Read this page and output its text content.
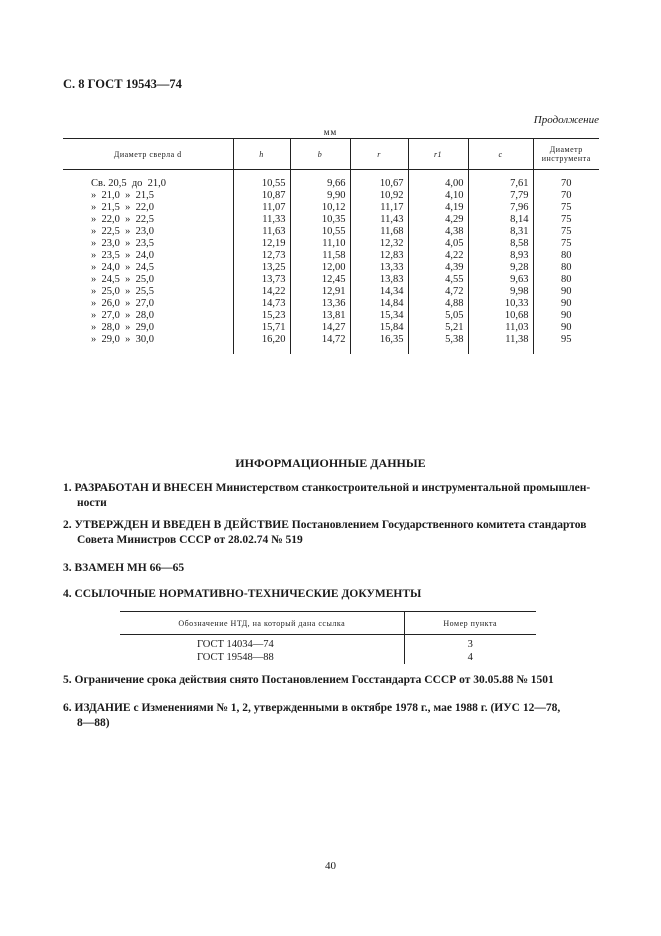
С. 8 ГОСТ 19543—74
Продолжение
мм
Диаметр сверла d	h	b	r	r1	c	Диаметр инструмента
Св. 20,5  до  21,0	10,55	9,66	10,67	4,00	7,61	70
»  21,0  »  21,5	10,87	9,90	10,92	4,10	7,79	70
»  21,5  »  22,0	11,07	10,12	11,17	4,19	7,96	75
»  22,0  »  22,5	11,33	10,35	11,43	4,29	8,14	75
»  22,5  »  23,0	11,63	10,55	11,68	4,38	8,31	75
»  23,0  »  23,5	12,19	11,10	12,32	4,05	8,58	75
»  23,5  »  24,0	12,73	11,58	12,83	4,22	8,93	80
»  24,0  »  24,5	13,25	12,00	13,33	4,39	9,28	80
»  24,5  »  25,0	13,73	12,45	13,83	4,55	9,63	80
»  25,0  »  25,5	14,22	12,91	14,34	4,72	9,98	90
»  26,0  »  27,0	14,73	13,36	14,84	4,88	10,33	90
»  27,0  »  28,0	15,23	13,81	15,34	5,05	10,68	90
»  28,0  »  29,0	15,71	14,27	15,84	5,21	11,03	90
»  29,0  »  30,0	16,20	14,72	16,35	5,38	11,38	95
ИНФОРМАЦИОННЫЕ ДАННЫЕ
1. РАЗРАБОТАН И ВНЕСЕН Министерством станкостроительной и инструментальной промышлен-
ности
2. УТВЕРЖДЕН И ВВЕДЕН В ДЕЙСТВИЕ Постановлением Государственного комитета стандартов
Совета Министров СССР от 28.02.74 № 519
3. ВЗАМЕН МН 66—65
4. ССЫЛОЧНЫЕ НОРМАТИВНО-ТЕХНИЧЕСКИЕ ДОКУМЕНТЫ
Обозначение НТД, на который дана ссылка	Номер пункта
ГОСТ 14034—74	3
ГОСТ 19548—88	4
5. Ограничение срока действия снято Постановлением Госстандарта СССР от 30.05.88 № 1501
6. ИЗДАНИЕ с Изменениями № 1, 2, утвержденными в октябре 1978 г., мае 1988 г. (ИУС 12—78,
8—88)
40
